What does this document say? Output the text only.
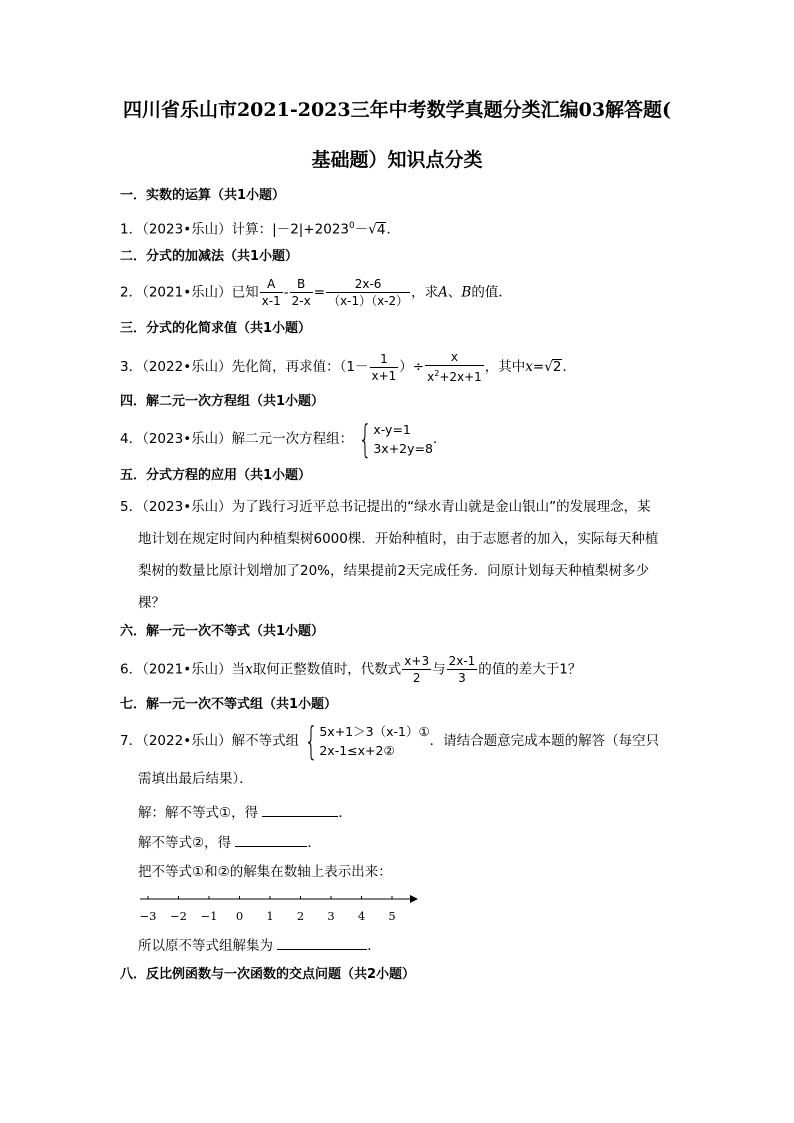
四川省乐山市2021-2023三年中考数学真题分类汇编03解答题(
基础题）知识点分类
一．实数的运算（共1小题）
1．（2023•乐山）计算：$|-2|+2023^0-√4$．
二．分式的加减法（共1小题）
2．（2021•乐山）已知 $\frac{A}{x-1} - \frac{B}{2-x} = \frac{2x-6}{(x-1)(x-2)}$ ，求A、B的值．
三．分式的化简求值（共1小题）
3．（2022•乐山）先化简，再求值：（$1- \frac{1}{x+1}$ ）÷ $\frac{x}{x^2+2x+1}$ ，其中x=√2．
四．解二元一次方程组（共1小题）
4．（2023•乐山）解二元一次方程组： { x-y=1
3x+2y=8
．
五．分式方程的应用（共1小题）
5．（2023•乐山）为了践行习近平总书记提出的“绿水青山就是金山银山”的发展理念，某
地计划在规定时间内种植梨树6000棵．开始种植时，由于志愿者的加入，实际每天种植
梨树的数量比原计划增加了20%，结果提前2天完成任务．问原计划每天种植梨树多少
棵？
六．解一元一次不等式（共1小题）
6．（2021•乐山）当x取何正整数值时，代数式 $\frac{x+3}{2}$ 与 $\frac{2x-1}{3}$ 的值的差大于1？
七．解一元一次不等式组（共1小题）
7．（2022•乐山）解不等式组 { 5x+1＞3（x-1）①
2x-1≤x+2②
．请结合题意完成本题的解答（每空只
需填出最后结果）．
解：解不等式①，得	．
解不等式②，得	．
把不等式①和②的解集在数轴上表示出来：
−3 −2 −1 0 1 2 3 4 5
所以原不等式组解集为	．
八．反比例函数与一次函数的交点问题（共2小题）
